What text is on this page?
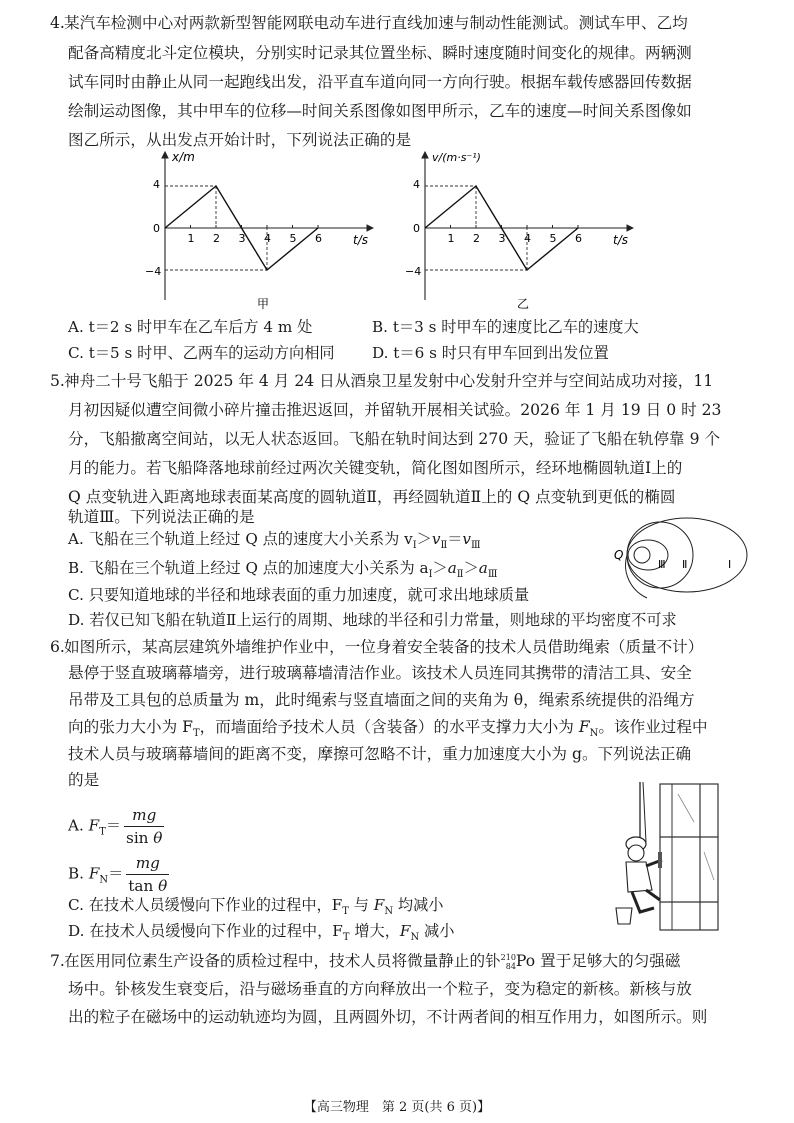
4. 某汽车检测中心对两款新型智能网联电动车进行直线加速与制动性能测试。测试车甲、乙均
配备高精度北斗定位模块，分别实时记录其位置坐标、瞬时速度随时间变化的规律。两辆测
试车同时由静止从同一起跑线出发，沿平直车道向同一方向行驶。根据车载传感器回传数据
绘制运动图像，其中甲车的位移—时间关系图像如图甲所示，乙车的速度—时间关系图像如
图乙所示，从出发点开始计时，下列说法正确的是
x/m
t/s
0
4
−4
1 2 3 4 5 6
甲
v/(m·s⁻¹)
t/s
0
4
−4
1 2 3 4 5 6
乙
A. t＝2 s 时甲车在乙车后方 4 m 处	B. t＝3 s 时甲车的速度比乙车的速度大
C. t＝5 s 时甲、乙两车的运动方向相同 D. t＝6 s 时只有甲车回到出发位置
5. 神舟二十号飞船于 2025 年 4 月 24 日从酒泉卫星发射中心发射升空并与空间站成功对接，11
月初因疑似遭空间微小碎片撞击推迟返回，并留轨开展相关试验。2026 年 1 月 19 日 0 时 23
分，飞船撤离空间站，以无人状态返回。飞船在轨时间达到 270 天，验证了飞船在轨停靠 9 个
月的能力。若飞船降落地球前经过两次关键变轨，简化图如图所示，经环地椭圆轨道Ⅰ上的
Q 点变轨进入距离地球表面某高度的圆轨道Ⅱ，再经圆轨道Ⅱ上的 Q 点变轨到更低的椭圆
轨道Ⅲ。下列说法正确的是
A. 飞船在三个轨道上经过 Q 点的速度大小关系为 $v_Ⅰ>v_Ⅱ=v_Ⅲ$
B. 飞船在三个轨道上经过 Q 点的加速度大小关系为 $a_Ⅰ>a_Ⅱ>a_Ⅲ$
C. 只要知道地球的半径和地球表面的重力加速度，就可求出地球质量
D. 若仅已知飞船在轨道Ⅱ上运行的周期、地球的半径和引力常量，则地球的平均密度不可求
Q
Ⅲ Ⅱ	Ⅰ
6. 如图所示，某高层建筑外墙维护作业中，一位身着安全装备的技术人员借助绳索（质量不计）
悬停于竖直玻璃幕墙旁，进行玻璃幕墙清洁作业。该技术人员连同其携带的清洁工具、安全
吊带及工具包的总质量为 m，此时绳索与竖直墙面之间的夹角为 θ，绳索系统提供的沿绳方
向的张力大小为 $F_T$，而墙面给予技术人员（含装备）的水平支撑力大小为 $F_N$。该作业过程中
技术人员与玻璃幕墙间的距离不变，摩擦可忽略不计，重力加速度大小为 g。下列说法正确
的是
A. $F_T= \frac{mg}{\text{sin θ}}$
B. $F_N= \frac{mg}{\text{tan θ}}$
C. 在技术人员缓慢向下作业的过程中，$F_T$ 与 $F_N$ 均减小
D. 在技术人员缓慢向下作业的过程中，$F_T$ 增大，$F_N$ 减小
7. 在医用同位素生产设备的质检过程中，技术人员将微量静止的钋 210
84 Po 置于足够大的匀强磁
场中。钋核发生衰变后，沿与磁场垂直的方向释放出一个粒子，变为稳定的新核。新核与放
出的粒子在磁场中的运动轨迹均为圆，且两圆外切，不计两者间的相互作用力，如图所示。则
【高三物理　第 2 页(共 6 页)】
